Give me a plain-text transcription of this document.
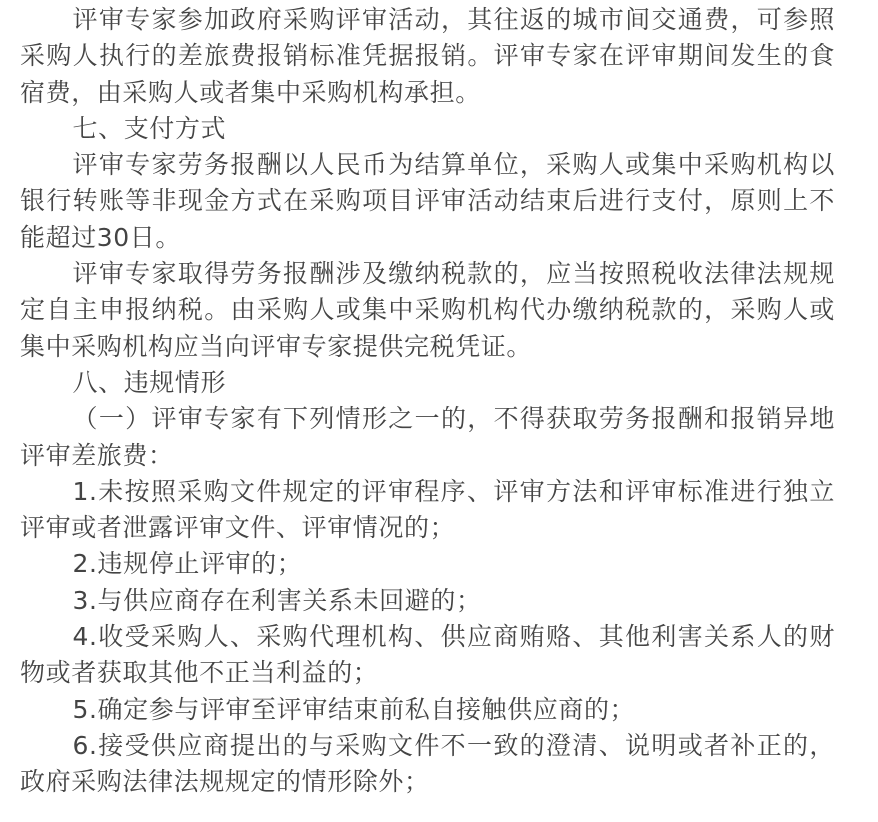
评审专家参加政府采购评审活动，其往返的城市间交通费，可参照采购人执行的差旅费报销标准凭据报销。评审专家在评审期间发生的食宿费，由采购人或者集中采购机构承担。

七、支付方式

评审专家劳务报酬以人民币为结算单位，采购人或集中采购机构以银行转账等非现金方式在采购项目评审活动结束后进行支付，原则上不能超过30日。

评审专家取得劳务报酬涉及缴纳税款的，应当按照税收法律法规规定自主申报纳税。由采购人或集中采购机构代办缴纳税款的，采购人或集中采购机构应当向评审专家提供完税凭证。

八、违规情形

（一）评审专家有下列情形之一的，不得获取劳务报酬和报销异地评审差旅费：

1.未按照采购文件规定的评审程序、评审方法和评审标准进行独立评审或者泄露评审文件、评审情况的；

2.违规停止评审的；

3.与供应商存在利害关系未回避的；

4.收受采购人、采购代理机构、供应商贿赂、其他利害关系人的财物或者获取其他不正当利益的；

5.确定参与评审至评审结束前私自接触供应商的；

6.接受供应商提出的与采购文件不一致的澄清、说明或者补正的，政府采购法律法规规定的情形除外；
